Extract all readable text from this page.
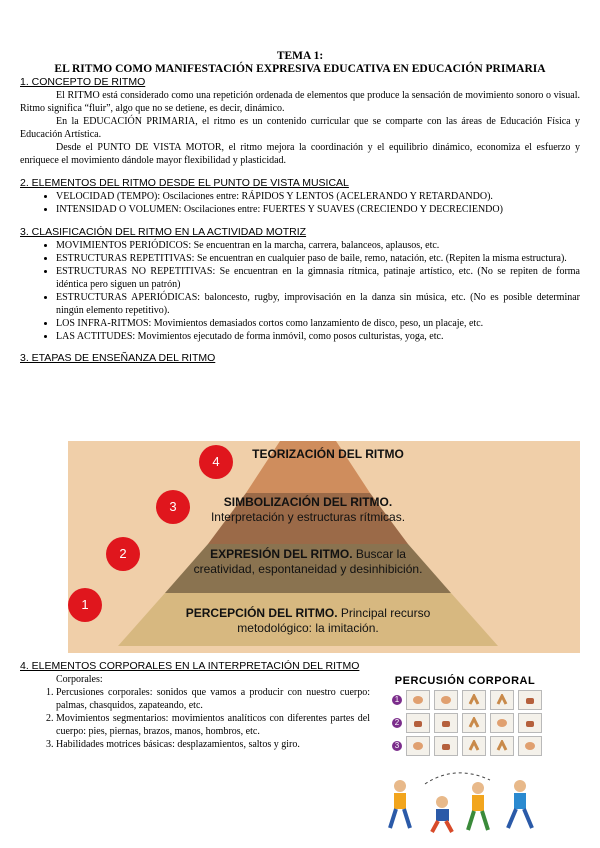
TEMA 1:
EL RITMO COMO MANIFESTACIÓN EXPRESIVA EDUCATIVA EN EDUCACIÓN PRIMARIA
1. CONCEPTO DE RITMO

El RITMO está considerado como una repetición ordenada de elementos que produce la sensación de movimiento sonoro o visual. Ritmo significa “fluir”, algo que no se detiene, es decir, dinámico.

En la EDUCACIÓN PRIMARIA, el ritmo es un contenido curricular que se comparte con las áreas de Educación Física y Educación Artística.

Desde el PUNTO DE VISTA MOTOR, el ritmo mejora la coordinación y el equilibrio dinámico, economiza el esfuerzo y enriquece el movimiento dándole mayor flexibilidad y plasticidad.

2. ELEMENTOS DEL RITMO DESDE EL PUNTO DE VISTA MUSICAL
• VELOCIDAD (TEMPO): Oscilaciones entre: RÁPIDOS Y LENTOS (ACELERANDO Y RETARDANDO).
• INTENSIDAD O VOLUMEN: Oscilaciones entre: FUERTES Y SUAVES (CRECIENDO Y DECRECIENDO)
3. CLASIFICACIÓN DEL RITMO EN LA ACTIVIDAD MOTRIZ
• MOVIMIENTOS PERIÓDICOS: Se encuentran en la marcha, carrera, balanceos, aplausos, etc.
• ESTRUCTURAS REPETITIVAS: Se encuentran en cualquier paso de baile, remo, natación, etc. (Repiten la misma estructura).
• ESTRUCTURAS NO REPETITIVAS: Se encuentran en la gimnasia rítmica, patinaje artístico, etc. (No se repiten de forma idéntica pero siguen un patrón)
• ESTRUCTURAS APERIÓDICAS: baloncesto, rugby, improvisación en la danza sin música, etc. (No es posible determinar ningún elemento repetitivo).
• LOS INFRA-RITMOS: Movimientos demasiados cortos como lanzamiento de disco, peso, un placaje, etc.
• LAS ACTITUDES: Movimientos ejecutado de forma inmóvil, como posos culturistas, yoga, etc.
3. ETAPAS DE ENSEÑANZA DEL RITMO
TEORIZACIÓN DEL RITMO
SIMBOLIZACIÓN DEL RITMO. Interpretación y estructuras rítmicas.
EXPRESIÓN DEL RITMO. Buscar la creatividad, espontaneidad y desinhibición.
PERCEPCIÓN DEL RITMO. Principal recurso metodológico: la imitación.
4
3
2
1
4. ELEMENTOS CORPORALES EN LA INTERPRETACIÓN DEL RITMO
Corporales:
1. Percusiones corporales: sonidos que vamos a producir con nuestro cuerpo: palmas, chasquidos, zapateando, etc.
2. Movimientos segmentarios: movimientos analíticos con diferentes partes del cuerpo: pies, piernas, brazos, manos, hombros, etc.
3. Habilidades motrices básicas: desplazamientos, saltos y giro.
PERCUSIÓN CORPORAL
1
2
3
